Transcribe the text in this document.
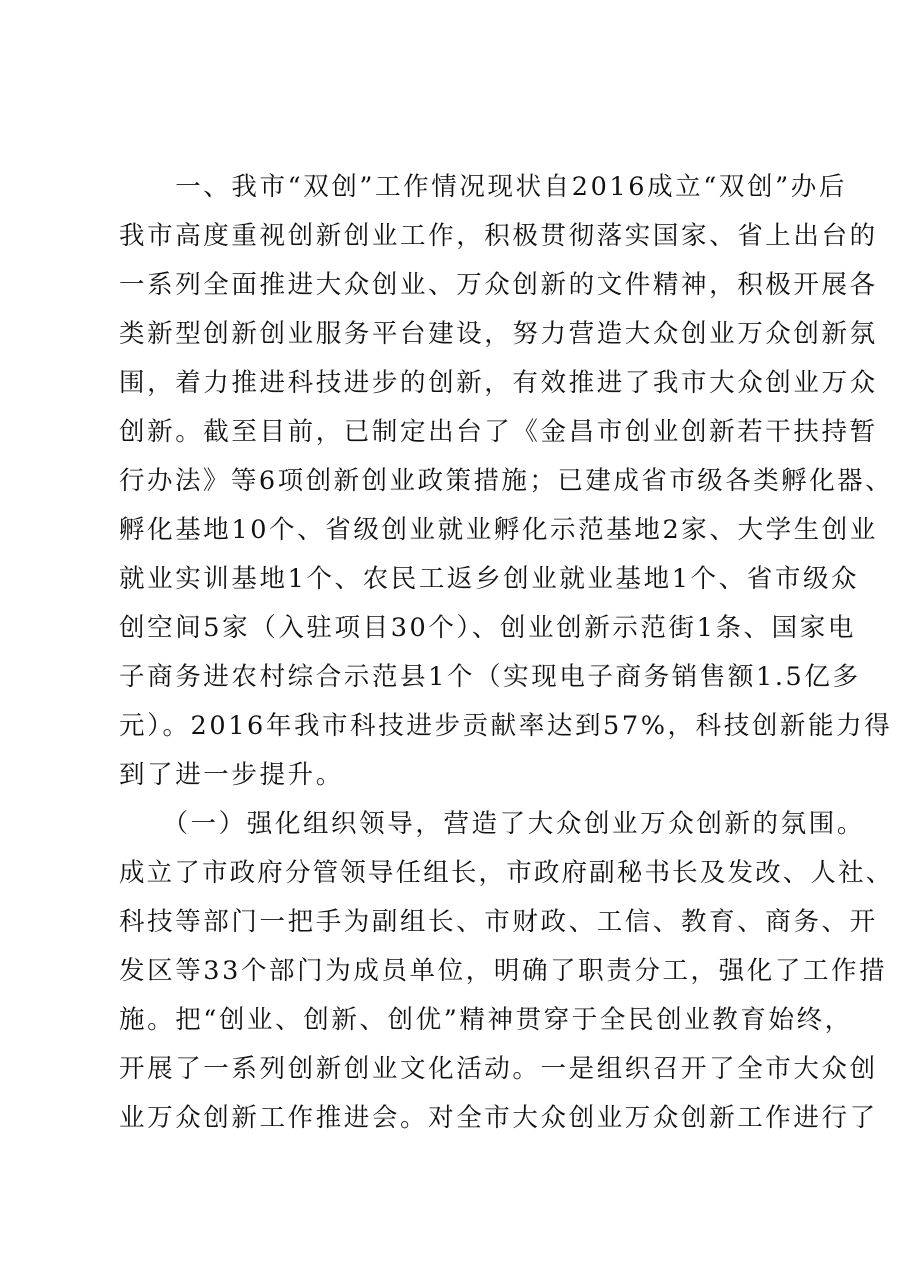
　　一、我市“双创”工作情况现状自2016成立“双创”办后
我市高度重视创新创业工作，积极贯彻落实国家、省上出台的
一系列全面推进大众创业、万众创新的文件精神，积极开展各
类新型创新创业服务平台建设，努力营造大众创业万众创新氛
围，着力推进科技进步的创新，有效推进了我市大众创业万众
创新。截至目前，已制定出台了《金昌市创业创新若干扶持暂
行办法》等6项创新创业政策措施；已建成省市级各类孵化器、
孵化基地10个、省级创业就业孵化示范基地2家、大学生创业
就业实训基地1个、农民工返乡创业就业基地1个、省市级众
创空间5家（入驻项目30个）、创业创新示范街1条、国家电
子商务进农村综合示范县1个（实现电子商务销售额1.5亿多
元）。2016年我市科技进步贡献率达到57%，科技创新能力得
到了进一步提升。
　　（一）强化组织领导，营造了大众创业万众创新的氛围。
成立了市政府分管领导任组长，市政府副秘书长及发改、人社、
科技等部门一把手为副组长、市财政、工信、教育、商务、开
发区等33个部门为成员单位，明确了职责分工，强化了工作措
施。把“创业、创新、创优”精神贯穿于全民创业教育始终，
开展了一系列创新创业文化活动。一是组织召开了全市大众创
业万众创新工作推进会。对全市大众创业万众创新工作进行了
